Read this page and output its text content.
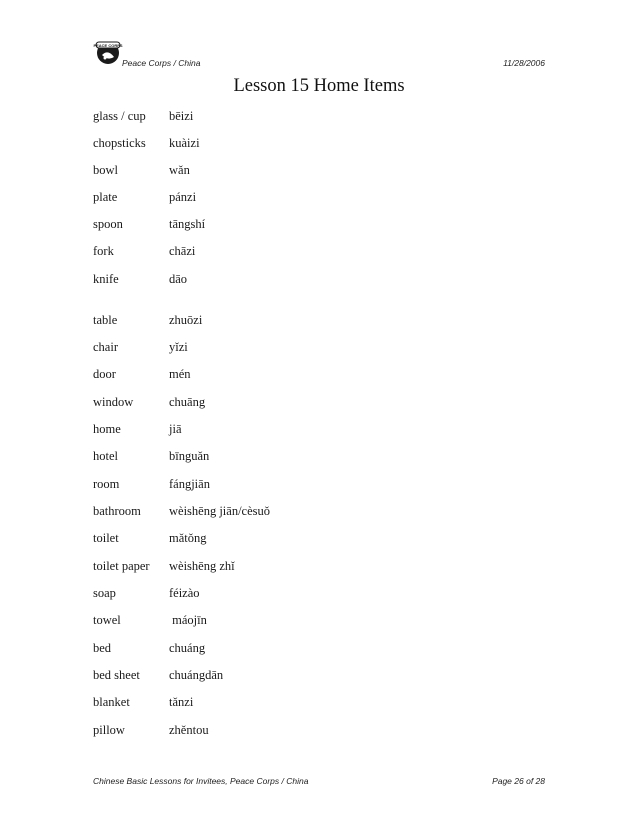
PEACE CORPS
Peace Corps / China	11/28/2006
Lesson 15 Home Items
glass / cup bēizi
chopsticks kuàizi
bowl	wǎn
plate	pánzi
spoon	tāngshí
fork	chāzi
knife	dāo
table	zhuōzi
chair	yǐzi
door	mén
window	chuāng
home	jiā
hotel	bīnguǎn
room	fángjiān
bathroom wèishēng jiān/cèsuǒ
toilet	mǎtǒng
toilet paper wèishēng zhǐ
soap	féizào
towel	máojīn
bed	chuáng
bed sheet chuángdān
blanket	tǎnzi
pillow	zhěntou
Chinese Basic Lessons for Invitees, Peace Corps / China	Page 26 of 28
